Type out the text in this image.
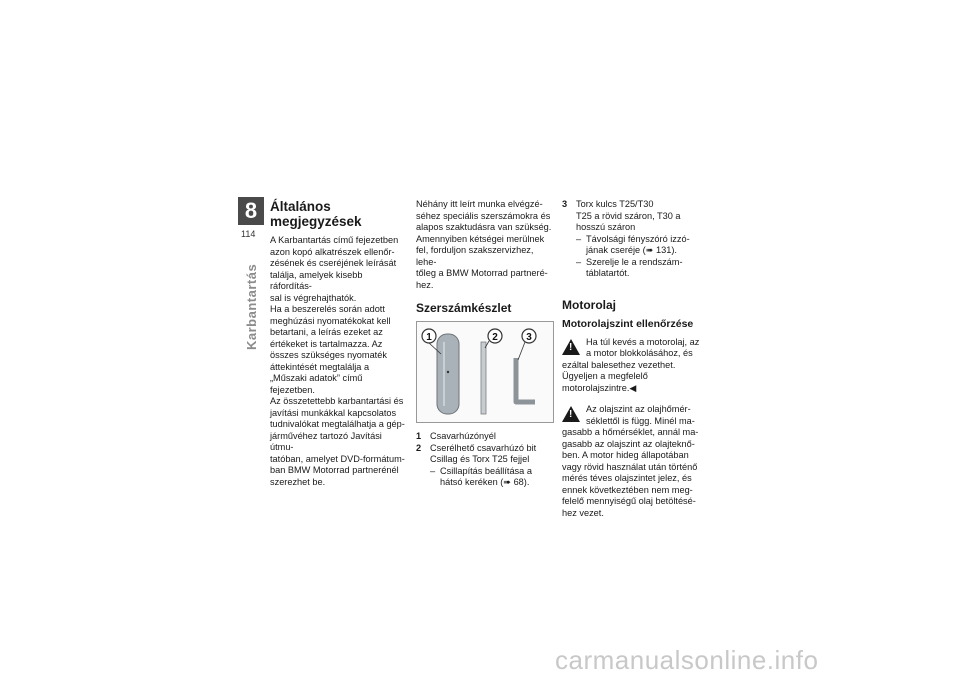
8
114
Karbantartás
Általános megjegyzések
A Karbantartás című fejezetben
azon kopó alkatrészek ellenőr-
zésének és cseréjének leírását
találja, amelyek kisebb ráfordítás-
sal is végrehajthatók.
Ha a beszerelés során adott
meghúzási nyomatékokat kell
betartani, a leírás ezeket az
értékeket is tartalmazza. Az
összes szükséges nyomaték
áttekintését megtalálja a
„Műszaki adatok” című
fejezetben.
Az összetettebb karbantartási és
javítási munkákkal kapcsolatos
tudnivalókat megtalálhatja a gép-
járművéhez tartozó Javítási útmu-
tatóban, amelyet DVD-formátum-
ban BMW Motorrad partnerénél
szerezhet be.
Néhány itt leírt munka elvégzé-
séhez speciális szerszámokra és
alapos szaktudásra van szükség.
Amennyiben kétségei merülnek
fel, forduljon szakszervizhez, lehe-
tőleg a BMW Motorrad partneré-
hez.
Szerszámkészlet
1	2	3
1 Csavarhúzónyél
2 Cserélhető csavarhúzó bit
Csillag és Torx T25 fejjel
– Csillapítás beállítása a
hátsó keréken (➠ 68).
3 Torx kulcs T25/T30
T25 a rövid száron, T30 a
hosszú száron
– Távolsági fényszóró izzó-
jának cseréje (➠ 131).
– Szerelje le a rendszám-
táblatartót.
Motorolaj
Motorolajszint ellenőrzése
!	Ha túl kevés a motorolaj, az
a motor blokkolásához, és
ezáltal balesethez vezethet.
Ügyeljen a megfelelő
motorolajszintre.◀
!	Az olajszint az olajhőmér-
séklettől is függ. Minél ma-
gasabb a hőmérséklet, annál ma-
gasabb az olajszint az olajteknő-
ben. A motor hideg állapotában
vagy rövid használat után történő
mérés téves olajszintet jelez, és
ennek következtében nem meg-
felelő mennyiségű olaj betöltésé-
hez vezet.
carmanualsonline.info
